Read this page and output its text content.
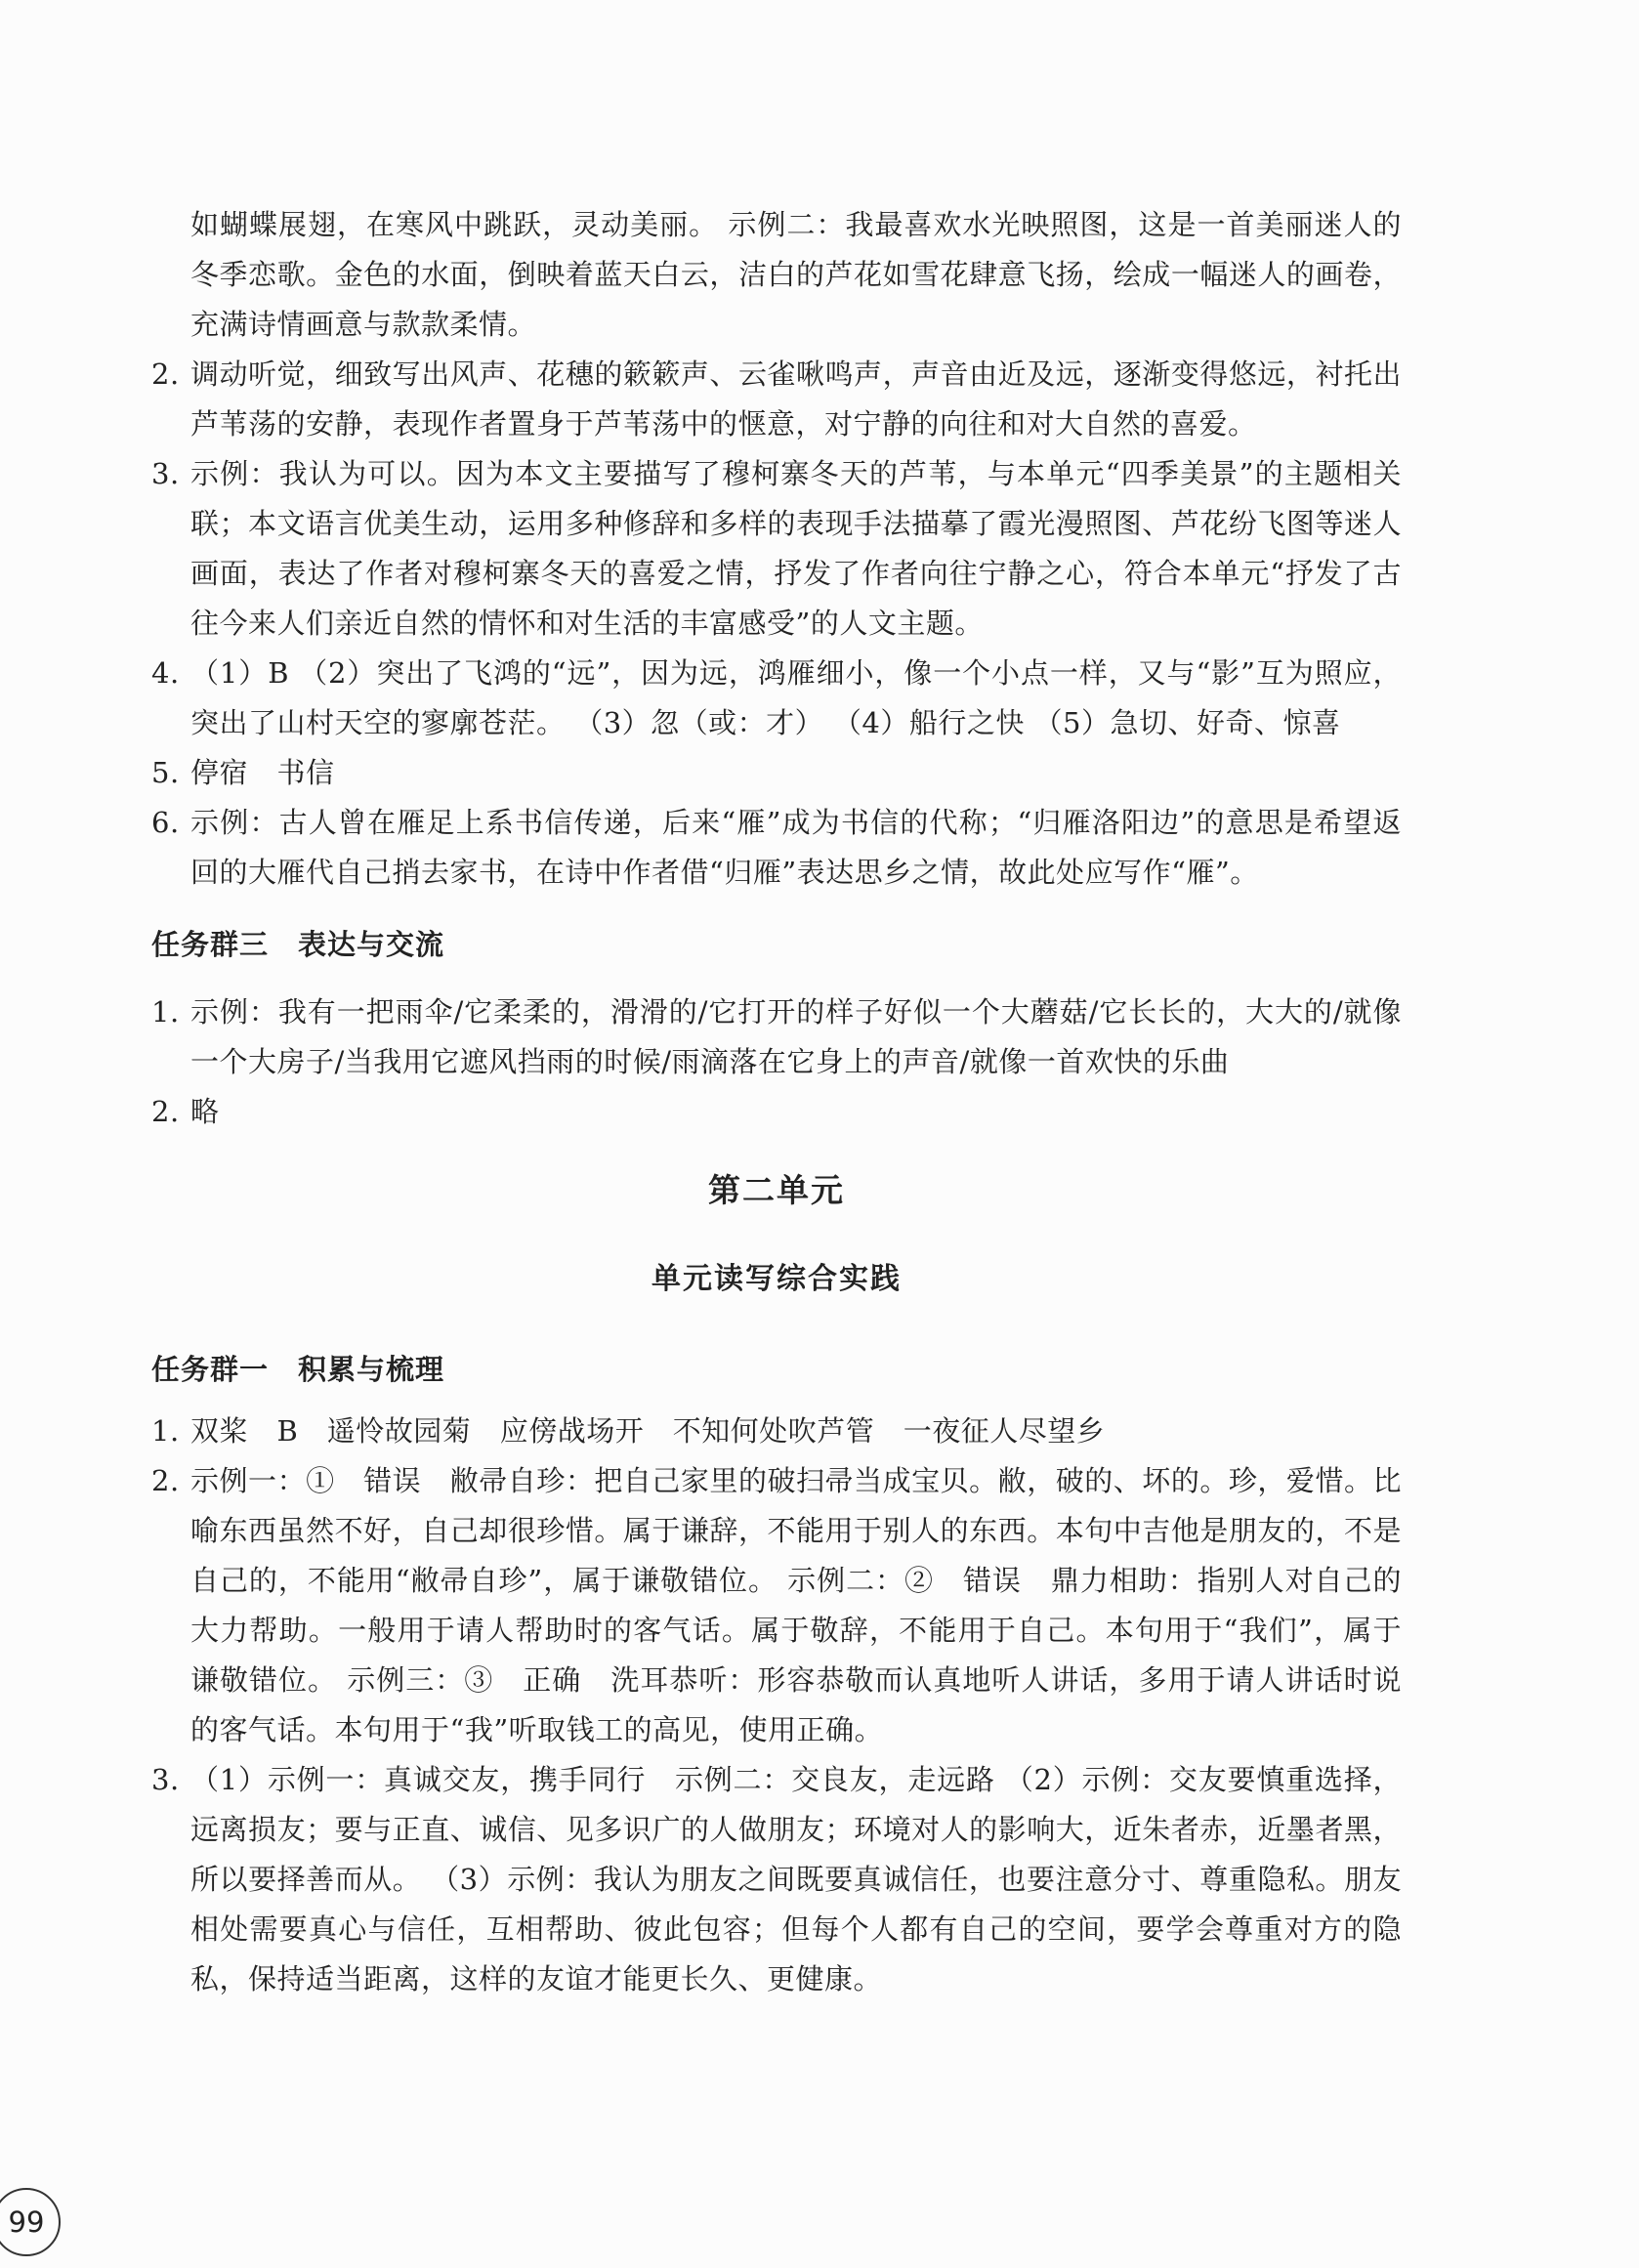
如蝴蝶展翅，在寒风中跳跃，灵动美丽。 示例二：我最喜欢水光映照图，这是一首美丽迷人的冬季恋歌。金色的水面，倒映着蓝天白云，洁白的芦花如雪花肆意飞扬，绘成一幅迷人的画卷，充满诗情画意与款款柔情。

2. 调动听觉，细致写出风声、花穗的簌簌声、云雀啾鸣声，声音由近及远，逐渐变得悠远，衬托出芦苇荡的安静，表现作者置身于芦苇荡中的惬意，对宁静的向往和对大自然的喜爱。
3. 示例：我认为可以。因为本文主要描写了穆柯寨冬天的芦苇，与本单元“四季美景”的主题相关联；本文语言优美生动，运用多种修辞和多样的表现手法描摹了霞光漫照图、芦花纷飞图等迷人画面，表达了作者对穆柯寨冬天的喜爱之情，抒发了作者向往宁静之心，符合本单元“抒发了古往今来人们亲近自然的情怀和对生活的丰富感受”的人文主题。
4. （1）B （2）突出了飞鸿的“远”，因为远，鸿雁细小，像一个小点一样，又与“影”互为照应，突出了山村天空的寥廓苍茫。 （3）忽（或：才） （4）船行之快 （5）急切、好奇、惊喜
5. 停宿　书信
6. 示例：古人曾在雁足上系书信传递，后来“雁”成为书信的代称；“归雁洛阳边”的意思是希望返回的大雁代自己捎去家书，在诗中作者借“归雁”表达思乡之情，故此处应写作“雁”。
任务群三　表达与交流
1. 示例：我有一把雨伞/它柔柔的，滑滑的/它打开的样子好似一个大蘑菇/它长长的，大大的/就像一个大房子/当我用它遮风挡雨的时候/雨滴落在它身上的声音/就像一首欢快的乐曲
2. 略
第二单元
单元读写综合实践
任务群一　积累与梳理
1. 双桨　B　遥怜故园菊　应傍战场开　不知何处吹芦管　一夜征人尽望乡
2. 示例一：①　错误　敝帚自珍：把自己家里的破扫帚当成宝贝。敝，破的、坏的。珍，爱惜。比喻东西虽然不好，自己却很珍惜。属于谦辞，不能用于别人的东西。本句中吉他是朋友的，不是自己的，不能用“敝帚自珍”，属于谦敬错位。 示例二：②　错误　鼎力相助：指别人对自己的大力帮助。一般用于请人帮助时的客气话。属于敬辞，不能用于自己。本句用于“我们”，属于谦敬错位。 示例三：③　正确　洗耳恭听：形容恭敬而认真地听人讲话，多用于请人讲话时说的客气话。本句用于“我”听取钱工的高见，使用正确。
3. （1）示例一：真诚交友，携手同行　示例二：交良友，走远路 （2）示例：交友要慎重选择，远离损友；要与正直、诚信、见多识广的人做朋友；环境对人的影响大，近朱者赤，近墨者黑，所以要择善而从。 （3）示例：我认为朋友之间既要真诚信任，也要注意分寸、尊重隐私。朋友相处需要真心与信任，互相帮助、彼此包容；但每个人都有自己的空间，要学会尊重对方的隐私，保持适当距离，这样的友谊才能更长久、更健康。
99
